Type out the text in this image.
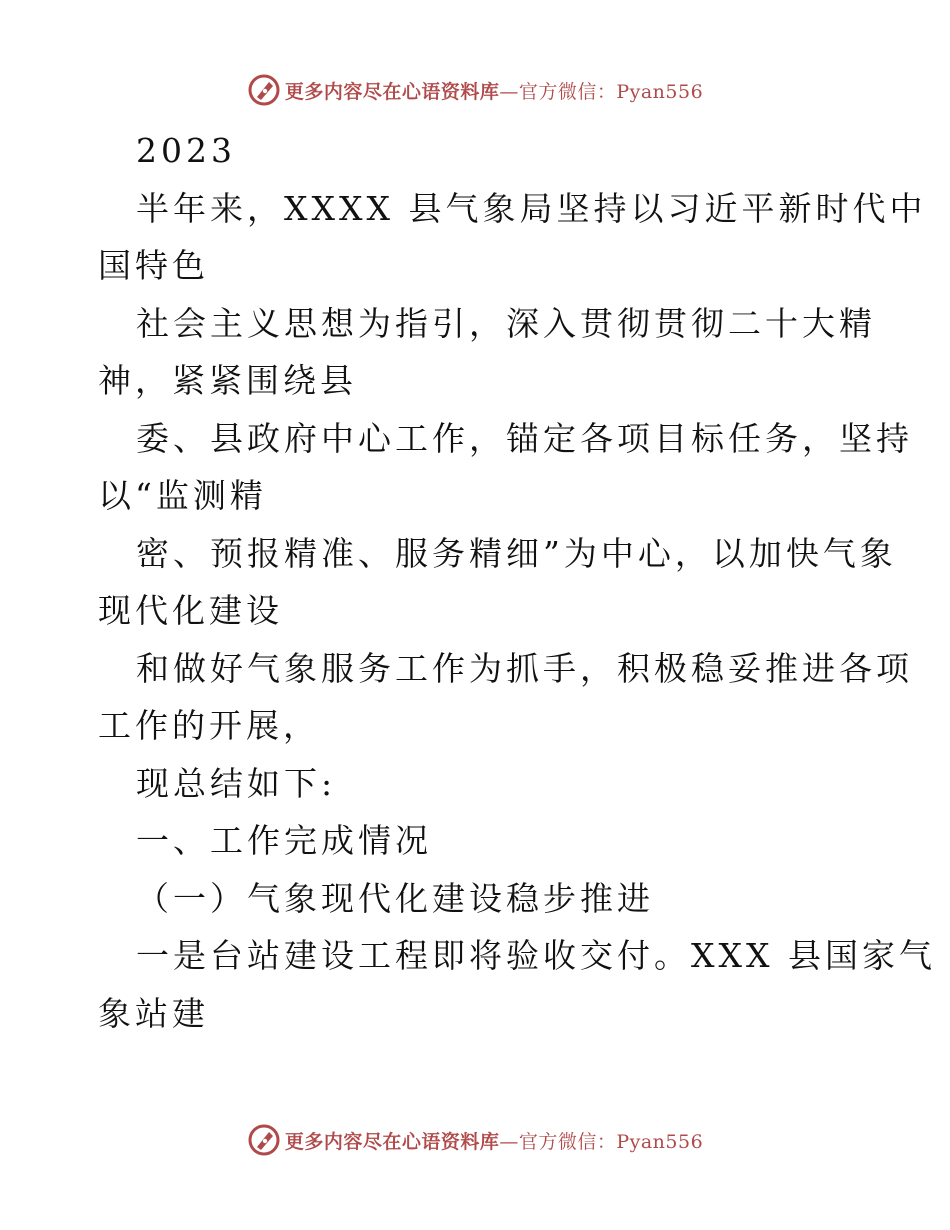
更多内容尽在心语资料库—官方微信：Pyan556

2023

半年来，XXXX 县气象局坚持以习近平新时代中

国特色

社会主义思想为指引，深入贯彻贯彻二十大精

神，紧紧围绕县

委、县政府中心工作，锚定各项目标任务，坚持

以“监测精

密、预报精准、服务精细”为中心，以加快气象

现代化建设

和做好气象服务工作为抓手，积极稳妥推进各项

工作的开展，

现总结如下:

一、工作完成情况

（一）气象现代化建设稳步推进

一是台站建设工程即将验收交付。XXX 县国家气

象站建

更多内容尽在心语资料库—官方微信：Pyan556
